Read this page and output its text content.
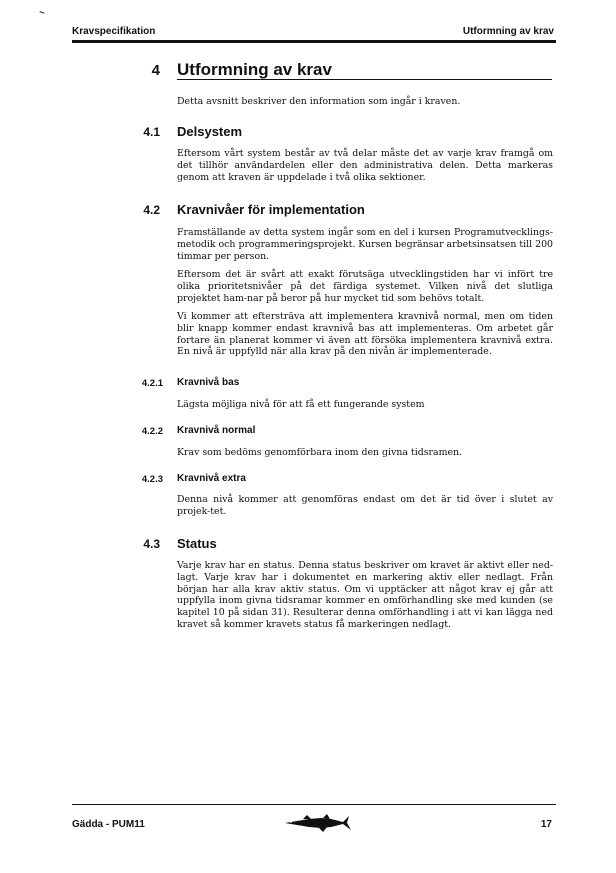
Kravspecifikation	Utformning av krav
4 Utformning av krav

Detta avsnitt beskriver den information som ingår i kraven.

4.1 Delsystem

Eftersom vårt system består av två delar måste det av varje krav framgå om det tillhör användardelen eller den administrativa delen. Detta markeras genom att kraven är uppdelade i två olika sektioner.

4.2 Kravnivåer för implementation

Framställande av detta system ingår som en del i kursen Programutvecklings-metodik och programmeringsprojekt. Kursen begränsar arbetsinsatsen till 200 timmar per person.

Eftersom det är svårt att exakt förutsäga utvecklingstiden har vi infört tre olika prioritetsnivåer på det färdiga systemet. Vilken nivå det slutliga projektet ham-nar på beror på hur mycket tid som behövs totalt.

Vi kommer att eftersträva att implementera kravnivå normal, men om tiden blir knapp kommer endast kravnivå bas att implementeras. Om arbetet går fortare än planerat kommer vi även att försöka implementera kravnivå extra. En nivå är uppfylld när alla krav på den nivån är implementerade.

4.2.1 Kravnivå bas

Lägsta möjliga nivå för att få ett fungerande system

4.2.2 Kravnivå normal

Krav som bedöms genomförbara inom den givna tidsramen.

4.2.3 Kravnivå extra

Denna nivå kommer att genomföras endast om det är tid över i slutet av projek-tet.

4.3 Status

Varje krav har en status. Denna status beskriver om kravet är aktivt eller ned-lagt. Varje krav har i dokumentet en markering aktiv eller nedlagt. Från början har alla krav aktiv status. Om vi upptäcker att något krav ej går att uppfylla inom givna tidsramar kommer en omförhandling ske med kunden (se kapitel 10 på sidan 31). Resulterar denna omförhandling i att vi kan lägga ned kravet så kommer kravets status få markeringen nedlagt.

Gädda - PUM11	17
